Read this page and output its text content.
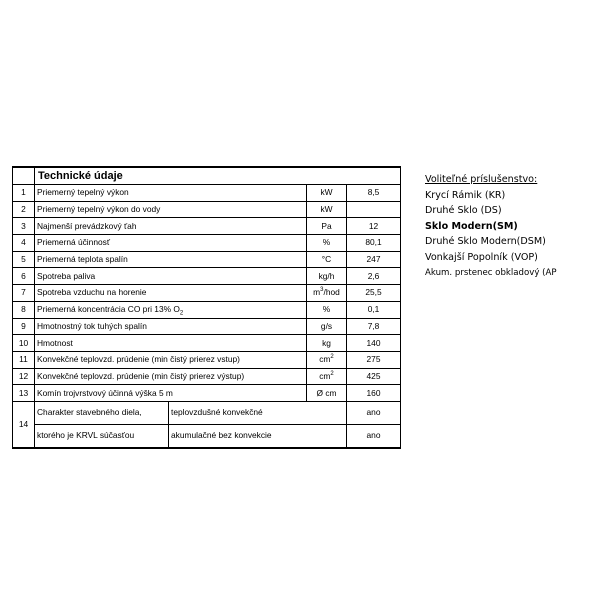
	Technické údaje			
1	Priemerný tepelný výkon		kW	8,5
2	Priemerný tepelný výkon do vody		kW	
3	Najmenší prevádzkový ťah		Pa	12
4	Priemerná účinnosť		%	80,1
5	Priemerná teplota spalín		°C	247
6	Spotreba paliva		kg/h	2,6
7	Spotreba vzduchu na horenie		$m^3$/hod	25,5
8	Priemerná koncentrácia CO pri 13% $O_2$		%	0,1
9	Hmotnostný tok tuhých spalín		g/s	7,8
10	Hmotnost		kg	140
11	Konvekčné teplovzd. prúdenie (min čistý prierez vstup)		$cm^2$	275
12	Konvekčné teplovzd. prúdenie (min čistý prierez výstup)		$cm^2$	425
13	Komín trojvrstvový účinná výška 5 m		Ø cm	160
14	Charakter stavebného diela,	teplovzdušné konvekčné		ano
	ktorého je KRVL súčasťou	akumulačné bez konvekcie		ano
Voliteľné príslušenstvo:
Krycí Rámik (KR)
Druhé Sklo (DS)
Sklo Modern(SM)
Druhé Sklo Modern(DSM)
Vonkajší Popolník (VOP)
Akum. prstenec obkladový (AP
